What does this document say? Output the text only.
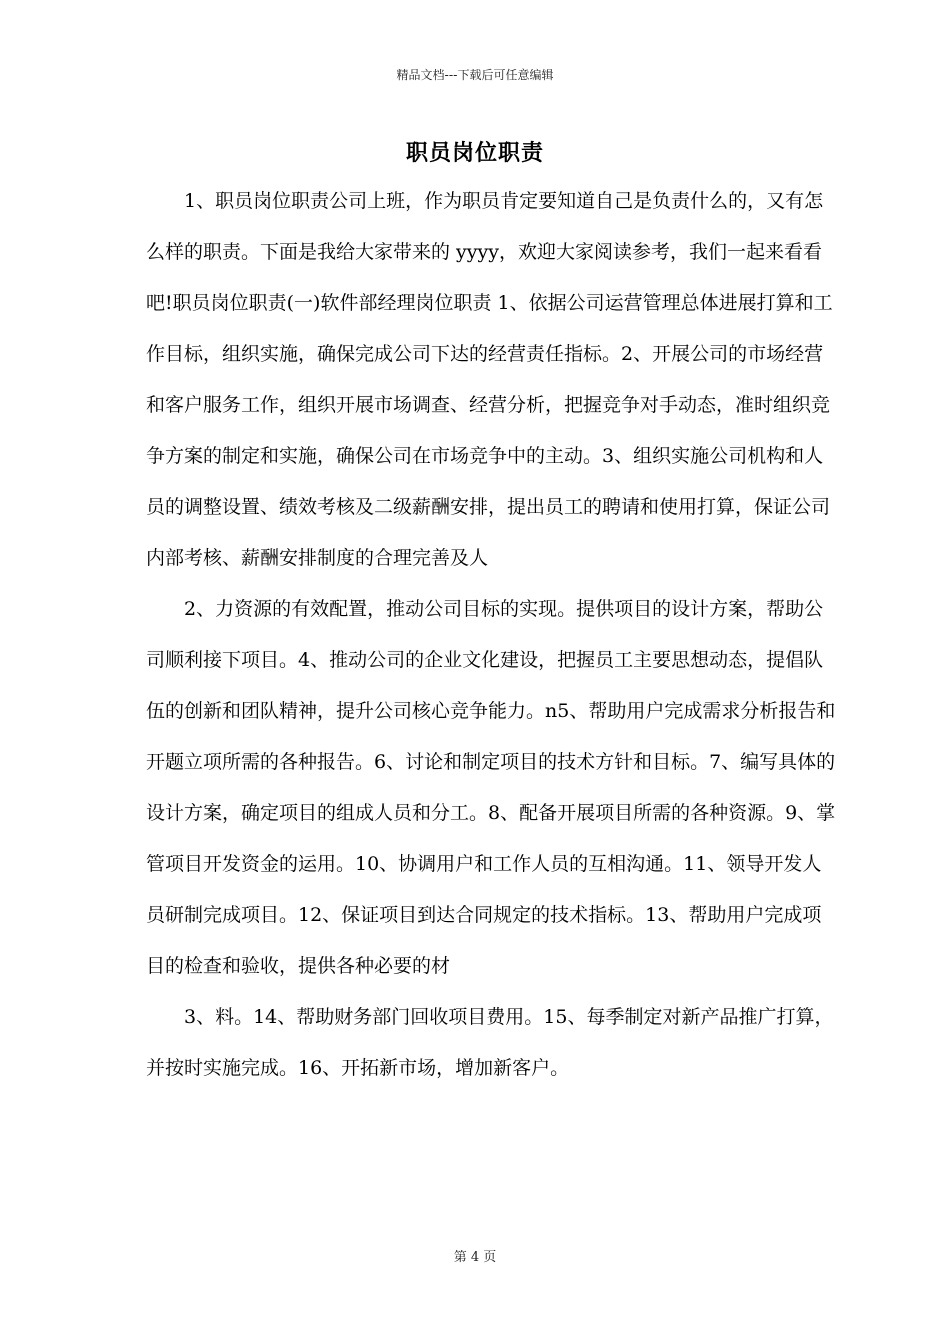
精品文档---下载后可任意编辑
职员岗位职责

1、职员岗位职责公司上班，作为职员肯定要知道自己是负责什么的，又有怎么样的职责。下面是我给大家带来的 yyyy，欢迎大家阅读参考，我们一起来看看吧!职员岗位职责(一)软件部经理岗位职责 1、依据公司运营管理总体进展打算和工作目标，组织实施，确保完成公司下达的经营责任指标。2、开展公司的市场经营和客户服务工作，组织开展市场调查、经营分析，把握竞争对手动态，准时组织竞争方案的制定和实施，确保公司在市场竞争中的主动。3、组织实施公司机构和人员的调整设置、绩效考核及二级薪酬安排，提出员工的聘请和使用打算，保证公司内部考核、薪酬安排制度的合理完善及人

2、力资源的有效配置，推动公司目标的实现。提供项目的设计方案，帮助公司顺利接下项目。4、推动公司的企业文化建设，把握员工主要思想动态，提倡队伍的创新和团队精神，提升公司核心竞争能力。n5、帮助用户完成需求分析报告和开题立项所需的各种报告。6、讨论和制定项目的技术方针和目标。7、编写具体的设计方案，确定项目的组成人员和分工。8、配备开展项目所需的各种资源。9、掌管项目开发资金的运用。10、协调用户和工作人员的互相沟通。11、领导开发人员研制完成项目。12、保证项目到达合同规定的技术指标。13、帮助用户完成项目的检查和验收，提供各种必要的材

3、料。14、帮助财务部门回收项目费用。15、每季制定对新产品推广打算，并按时实施完成。16、开拓新市场，增加新客户。

第 4 页
